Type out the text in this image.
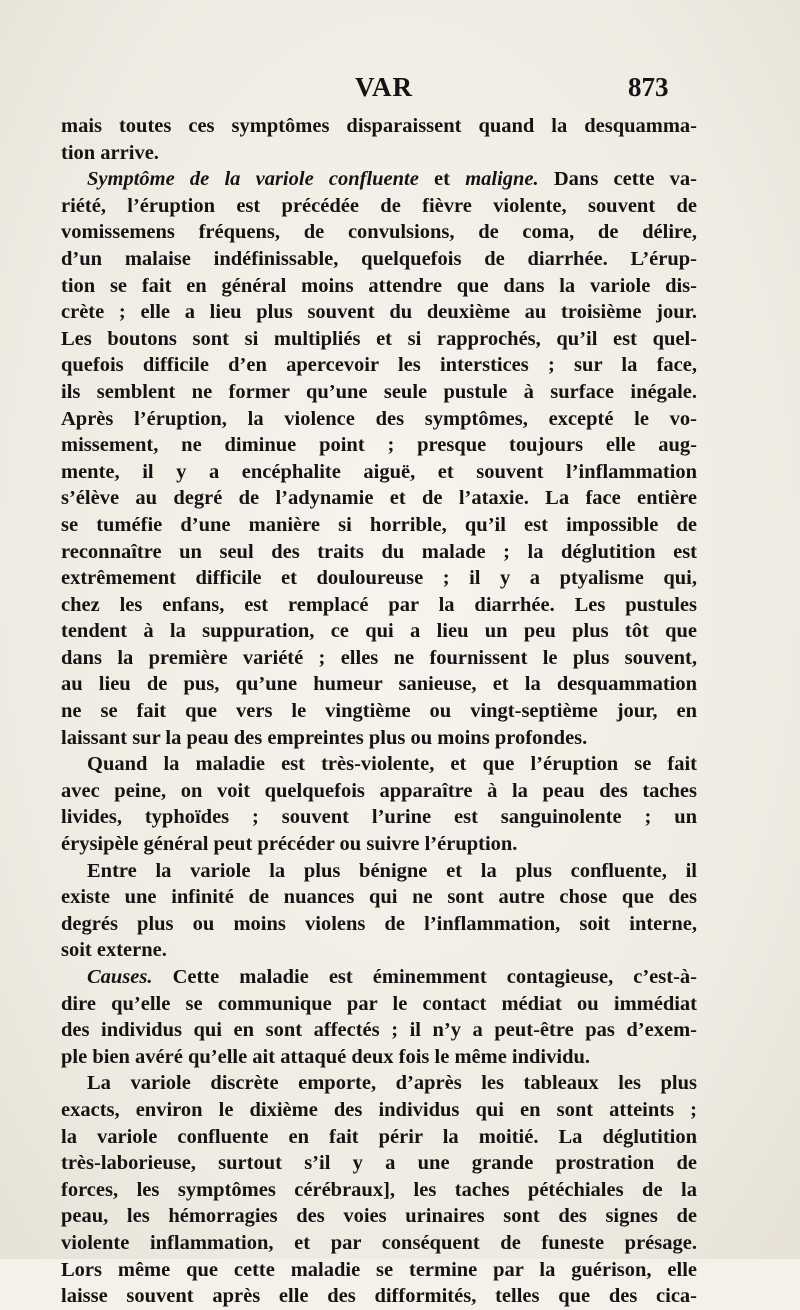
VAR	873
mais toutes ces symptômes disparaissent quand la desquamma-
tion arrive.
Symptôme de la variole confluente et maligne. Dans cette va-
riété, l’éruption est précédée de fièvre violente, souvent de
vomissemens fréquens, de convulsions, de coma, de délire,
d’un malaise indéfinissable, quelquefois de diarrhée. L’érup-
tion se fait en général moins attendre que dans la variole dis-
crète ; elle a lieu plus souvent du deuxième au troisième jour.
Les boutons sont si multipliés et si rapprochés, qu’il est quel-
quefois difficile d’en apercevoir les interstices ; sur la face,
ils semblent ne former qu’une seule pustule à surface inégale.
Après l’éruption, la violence des symptômes, excepté le vo-
missement, ne diminue point ; presque toujours elle aug-
mente, il y a encéphalite aiguë, et souvent l’inflammation
s’élève au degré de l’adynamie et de l’ataxie. La face entière
se tuméfie d’une manière si horrible, qu’il est impossible de
reconnaître un seul des traits du malade ; la déglutition est
extrêmement difficile et douloureuse ; il y a ptyalisme qui,
chez les enfans, est remplacé par la diarrhée. Les pustules
tendent à la suppuration, ce qui a lieu un peu plus tôt que
dans la première variété ; elles ne fournissent le plus souvent,
au lieu de pus, qu’une humeur sanieuse, et la desquammation
ne se fait que vers le vingtième ou vingt-septième jour, en
laissant sur la peau des empreintes plus ou moins profondes.
Quand la maladie est très-violente, et que l’éruption se fait
avec peine, on voit quelquefois apparaître à la peau des taches
livides, typhoïdes ; souvent l’urine est sanguinolente ; un
érysipèle général peut précéder ou suivre l’éruption.
Entre la variole la plus bénigne et la plus confluente, il
existe une infinité de nuances qui ne sont autre chose que des
degrés plus ou moins violens de l’inflammation, soit interne,
soit externe.
Causes. Cette maladie est éminemment contagieuse, c’est-à-
dire qu’elle se communique par le contact médiat ou immédiat
des individus qui en sont affectés ; il n’y a peut-être pas d’exem-
ple bien avéré qu’elle ait attaqué deux fois le même individu.
La variole discrète emporte, d’après les tableaux les plus
exacts, environ le dixième des individus qui en sont atteints ;
la variole confluente en fait périr la moitié. La déglutition
très-laborieuse, surtout s’il y a une grande prostration de
forces, les symptômes cérébraux], les taches pétéchiales de la
peau, les hémorragies des voies urinaires sont des signes de
violente inflammation, et par conséquent de funeste présage.
Lors même que cette maladie se termine par la guérison, elle
laisse souvent après elle des difformités, telles que des cica-
